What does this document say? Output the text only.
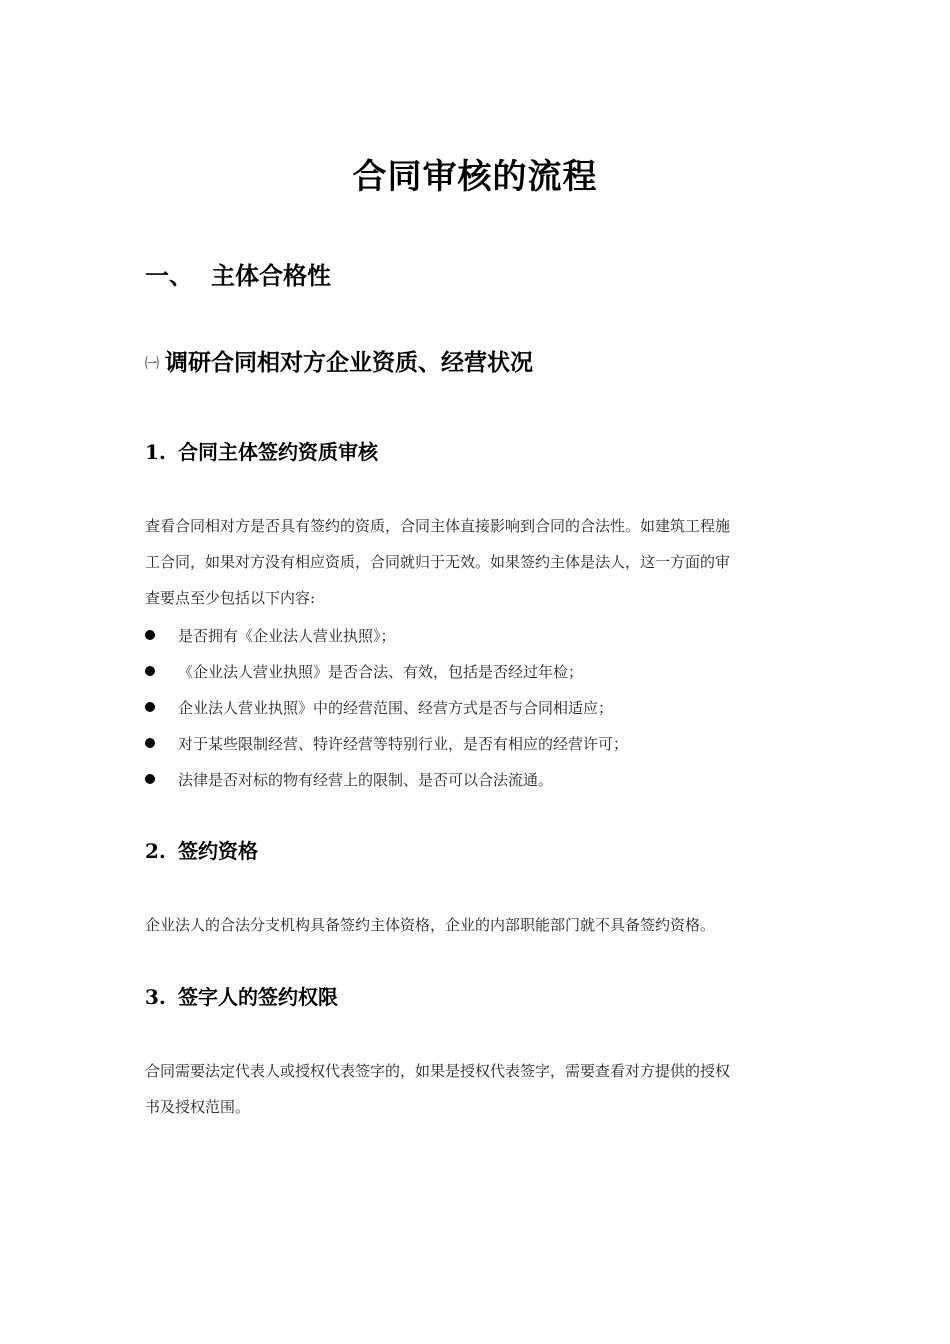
合同审核的流程
一、 主体合格性
㈠ 调研合同相对方企业资质、经营状况
1. 合同主体签约资质审核
查看合同相对方是否具有签约的资质，合同主体直接影响到合同的合法性。如建筑工程施
工合同，如果对方没有相应资质，合同就归于无效。如果签约主体是法人，这一方面的审
查要点至少包括以下内容:
是否拥有《企业法人营业执照》；
《企业法人营业执照》是否合法、有效，包括是否经过年检；
企业法人营业执照》中的经营范围、经营方式是否与合同相适应；
对于某些限制经营、特许经营等特别行业，是否有相应的经营许可；
法律是否对标的物有经营上的限制、是否可以合法流通。
2. 签约资格
企业法人的合法分支机构具备签约主体资格，企业的内部职能部门就不具备签约资格。
3. 签字人的签约权限
合同需要法定代表人或授权代表签字的，如果是授权代表签字，需要查看对方提供的授权
书及授权范围。
